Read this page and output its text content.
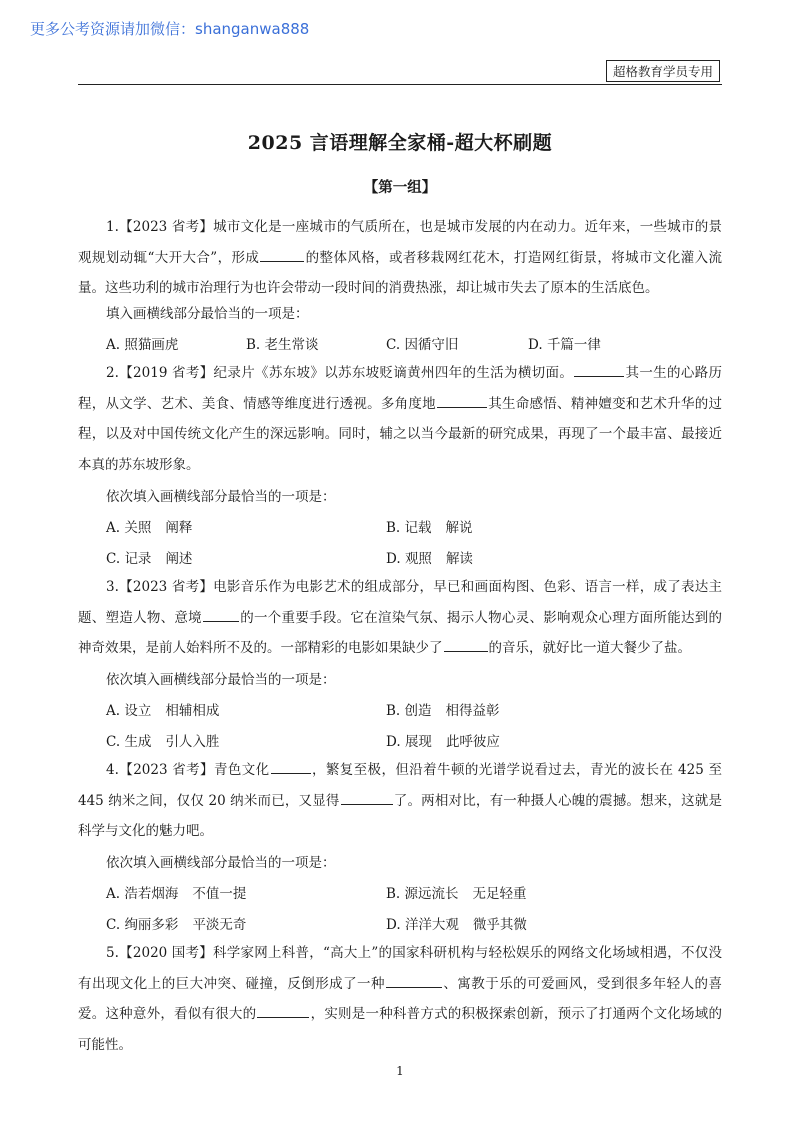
更多公考资源请加微信：shanganwa888
超格教育学员专用
2025 言语理解全家桶-超大杯刷题
【第一组】

1.【2023 省考】城市文化是一座城市的气质所在，也是城市发展的内在动力。近年来，一些城市的景观规划动辄“大开大合”，形成	的整体风格，或者移栽网红花木，打造网红街景，将城市文化灌入流量。这些功利的城市治理行为也许会带动一段时间的消费热涨，却让城市失去了原本的生活底色。

填入画横线部分最恰当的一项是：
A. 照猫画虎	B. 老生常谈	C. 因循守旧	D. 千篇一律

2.【2019 省考】纪录片《苏东坡》以苏东坡贬谪黄州四年的生活为横切面。	其一生的心路历程，从文学、艺术、美食、情感等维度进行透视。多角度地	其生命感悟、精神嬗变和艺术升华的过程，以及对中国传统文化产生的深远影响。同时，辅之以当今最新的研究成果，再现了一个最丰富、最接近本真的苏东坡形象。

依次填入画横线部分最恰当的一项是：
A. 关照 阐释	B. 记载 解说
C. 记录 阐述	D. 观照 解读

3.【2023 省考】电影音乐作为电影艺术的组成部分，早已和画面构图、色彩、语言一样，成了表达主题、塑造人物、意境	的一个重要手段。它在渲染气氛、揭示人物心灵、影响观众心理方面所能达到的神奇效果，是前人始料所不及的。一部精彩的电影如果缺少了	的音乐，就好比一道大餐少了盐。

依次填入画横线部分最恰当的一项是：
A. 设立 相辅相成	B. 创造 相得益彰
C. 生成 引人入胜	D. 展现 此呼彼应

4.【2023 省考】青色文化	，繁复至极，但沿着牛顿的光谱学说看过去，青光的波长在 425 至 445 纳米之间，仅仅 20 纳米而已，又显得	了。两相对比，有一种摄人心魄的震撼。想来，这就是科学与文化的魅力吧。

依次填入画横线部分最恰当的一项是：
A. 浩若烟海 不值一提	B. 源远流长 无足轻重
C. 绚丽多彩 平淡无奇	D. 洋洋大观 微乎其微

5.【2020 国考】科学家网上科普，“高大上”的国家科研机构与轻松娱乐的网络文化场域相遇，不仅没有出现文化上的巨大冲突、碰撞，反倒形成了一种	、寓教于乐的可爱画风，受到很多年轻人的喜爱。这种意外，看似有很大的	，实则是一种科普方式的积极探索创新，预示了打通两个文化场域的可能性。

1
